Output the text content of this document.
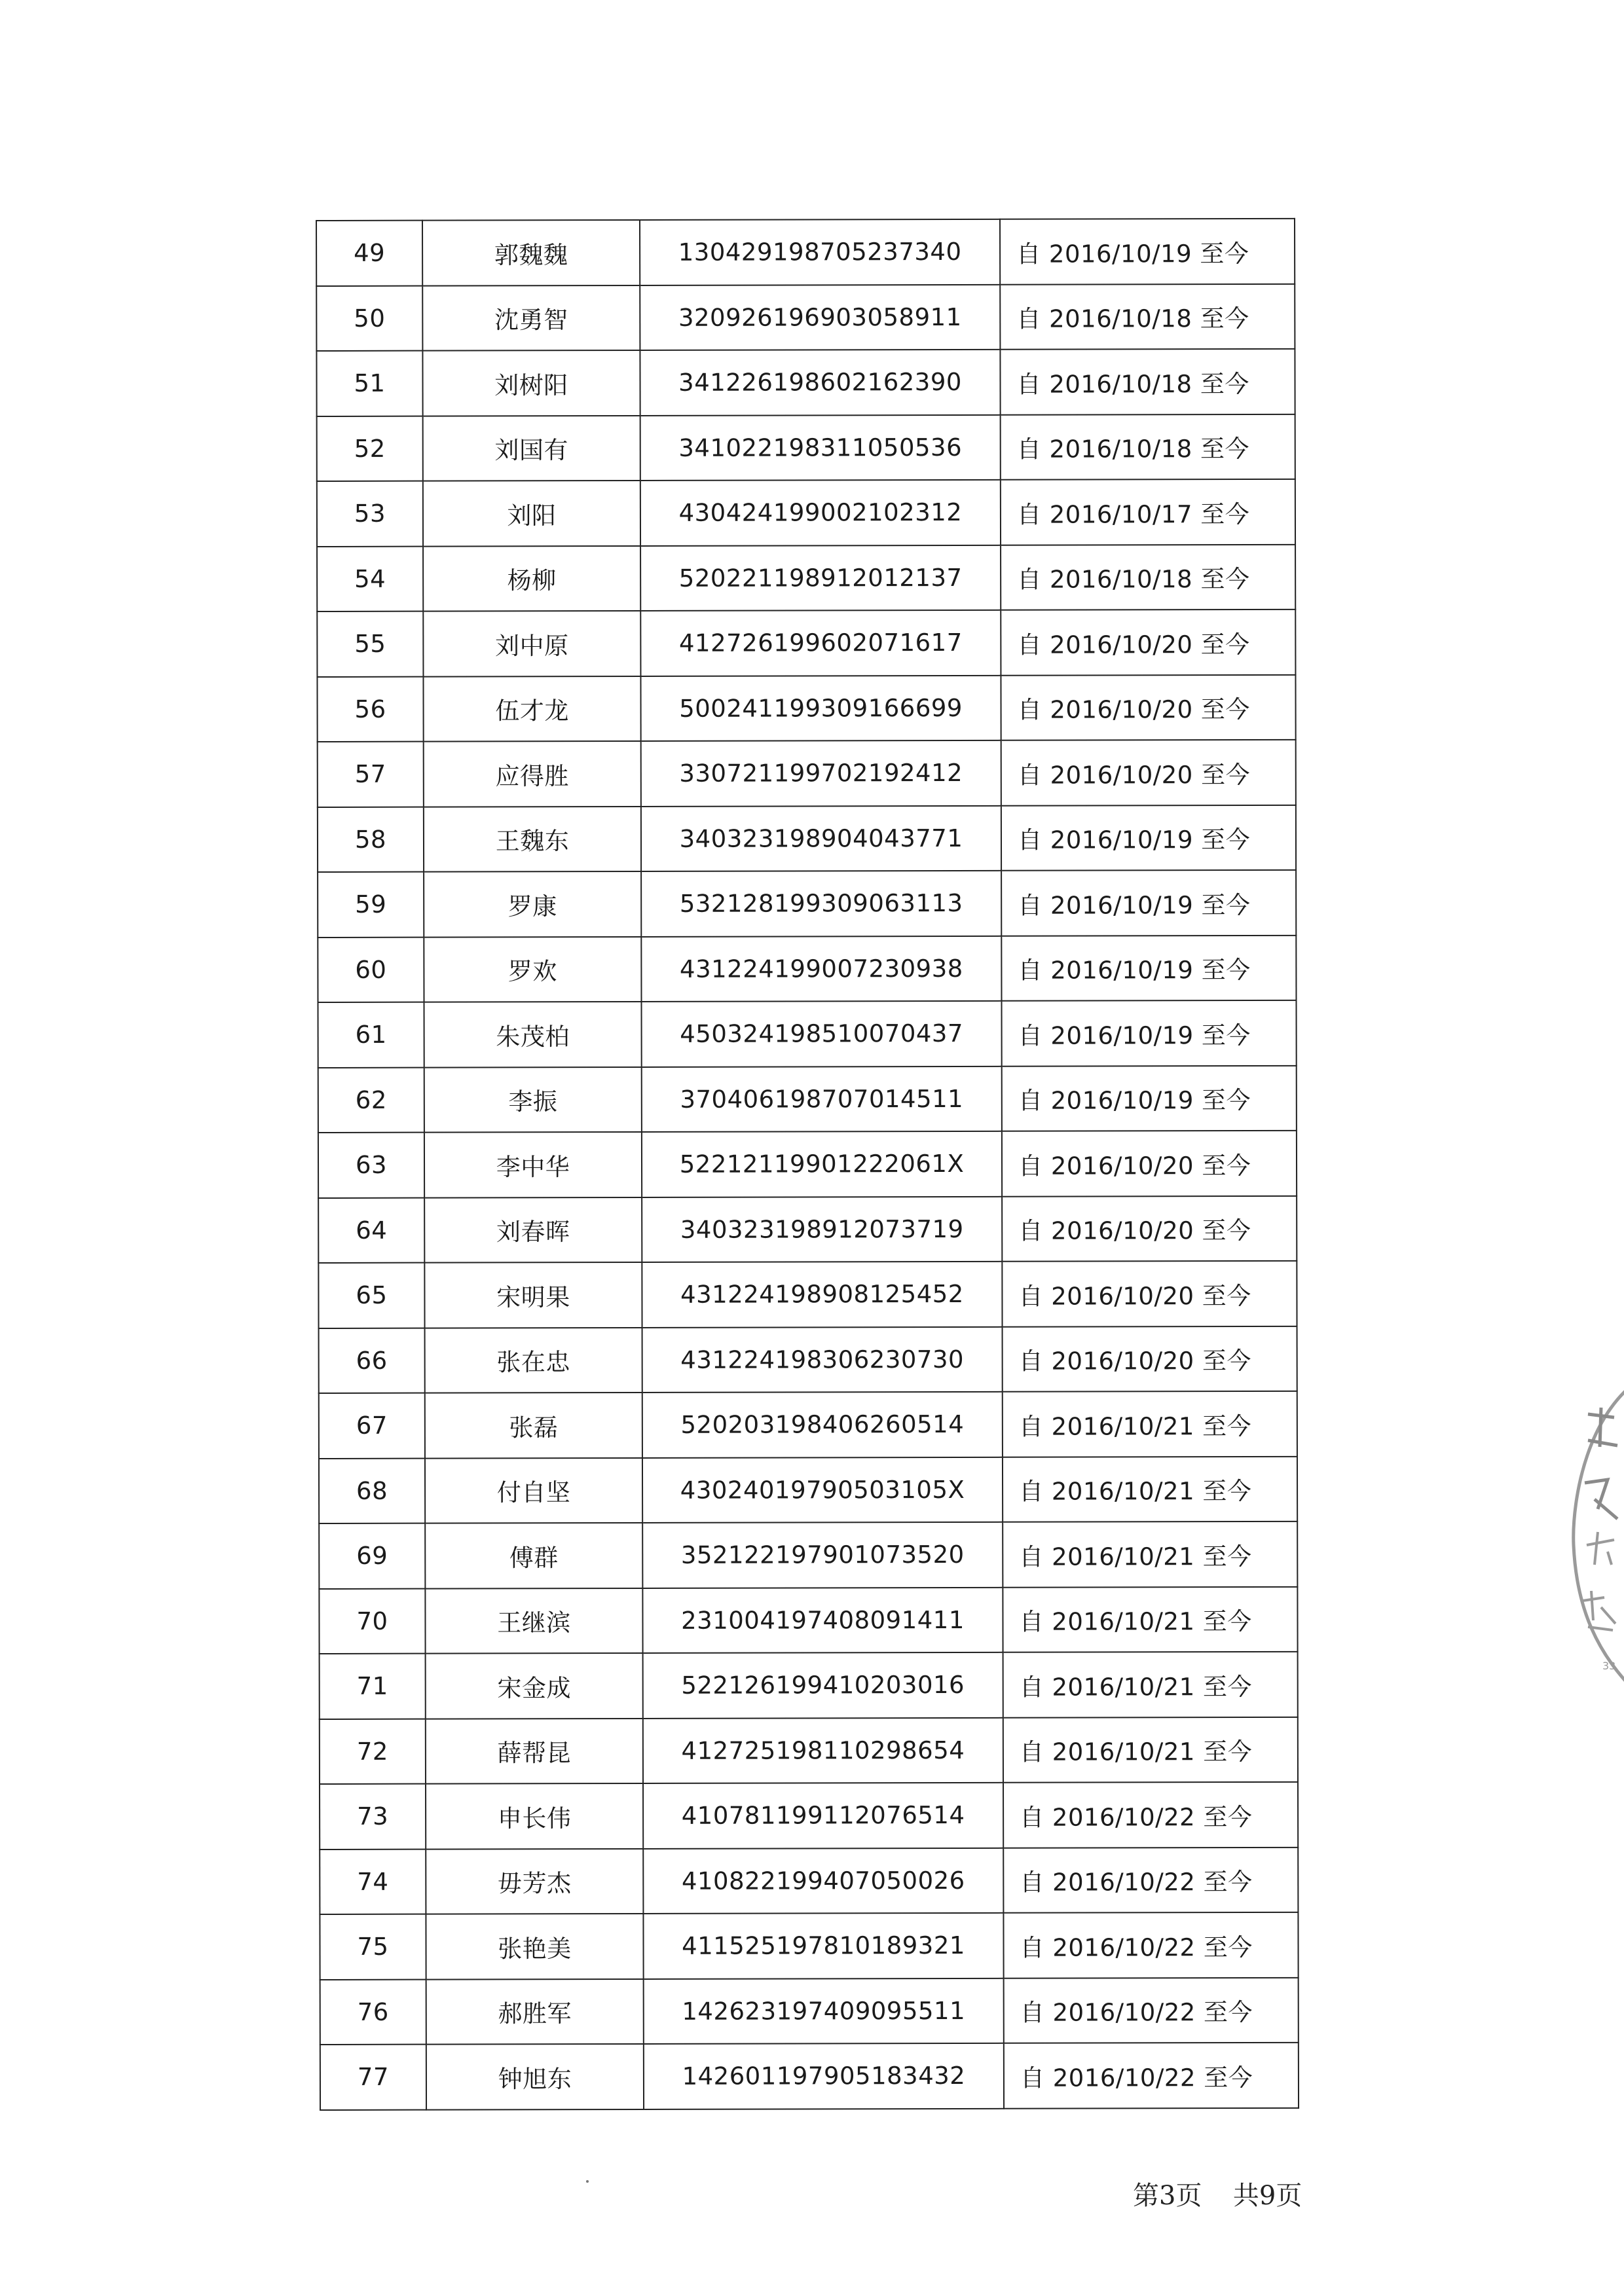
49	郭魏魏	130429198705237340	自 2016/10/19 至今
50	沈勇智	320926196903058911	自 2016/10/18 至今
51	刘树阳	341226198602162390	自 2016/10/18 至今
52	刘国有	341022198311050536	自 2016/10/18 至今
53	刘阳	430424199002102312	自 2016/10/17 至今
54	杨柳	520221198912012137	自 2016/10/18 至今
55	刘中原	412726199602071617	自 2016/10/20 至今
56	伍才龙	500241199309166699	自 2016/10/20 至今
57	应得胜	330721199702192412	自 2016/10/20 至今
58	王魏东	340323198904043771	自 2016/10/19 至今
59	罗康	532128199309063113	自 2016/10/19 至今
60	罗欢	431224199007230938	自 2016/10/19 至今
61	朱茂柏	450324198510070437	自 2016/10/19 至今
62	李振	370406198707014511	自 2016/10/19 至今
63	李中华	52212119901222061X	自 2016/10/20 至今
64	刘春晖	340323198912073719	自 2016/10/20 至今
65	宋明果	431224198908125452	自 2016/10/20 至今
66	张在忠	431224198306230730	自 2016/10/20 至今
67	张磊	520203198406260514	自 2016/10/21 至今
68	付自坚	43024019790503105X	自 2016/10/21 至今
69	傅群	352122197901073520	自 2016/10/21 至今
70	王继滨	231004197408091411	自 2016/10/21 至今
71	宋金成	522126199410203016	自 2016/10/21 至今
72	薛帮昆	412725198110298654	自 2016/10/21 至今
73	申长伟	410781199112076514	自 2016/10/22 至今
74	毋芳杰	410822199407050026	自 2016/10/22 至今
75	张艳美	411525197810189321	自 2016/10/22 至今
76	郝胜军	142623197409095511	自 2016/10/22 至今
77	钟旭东	142601197905183432	自 2016/10/22 至今
第3页 共9页
33
